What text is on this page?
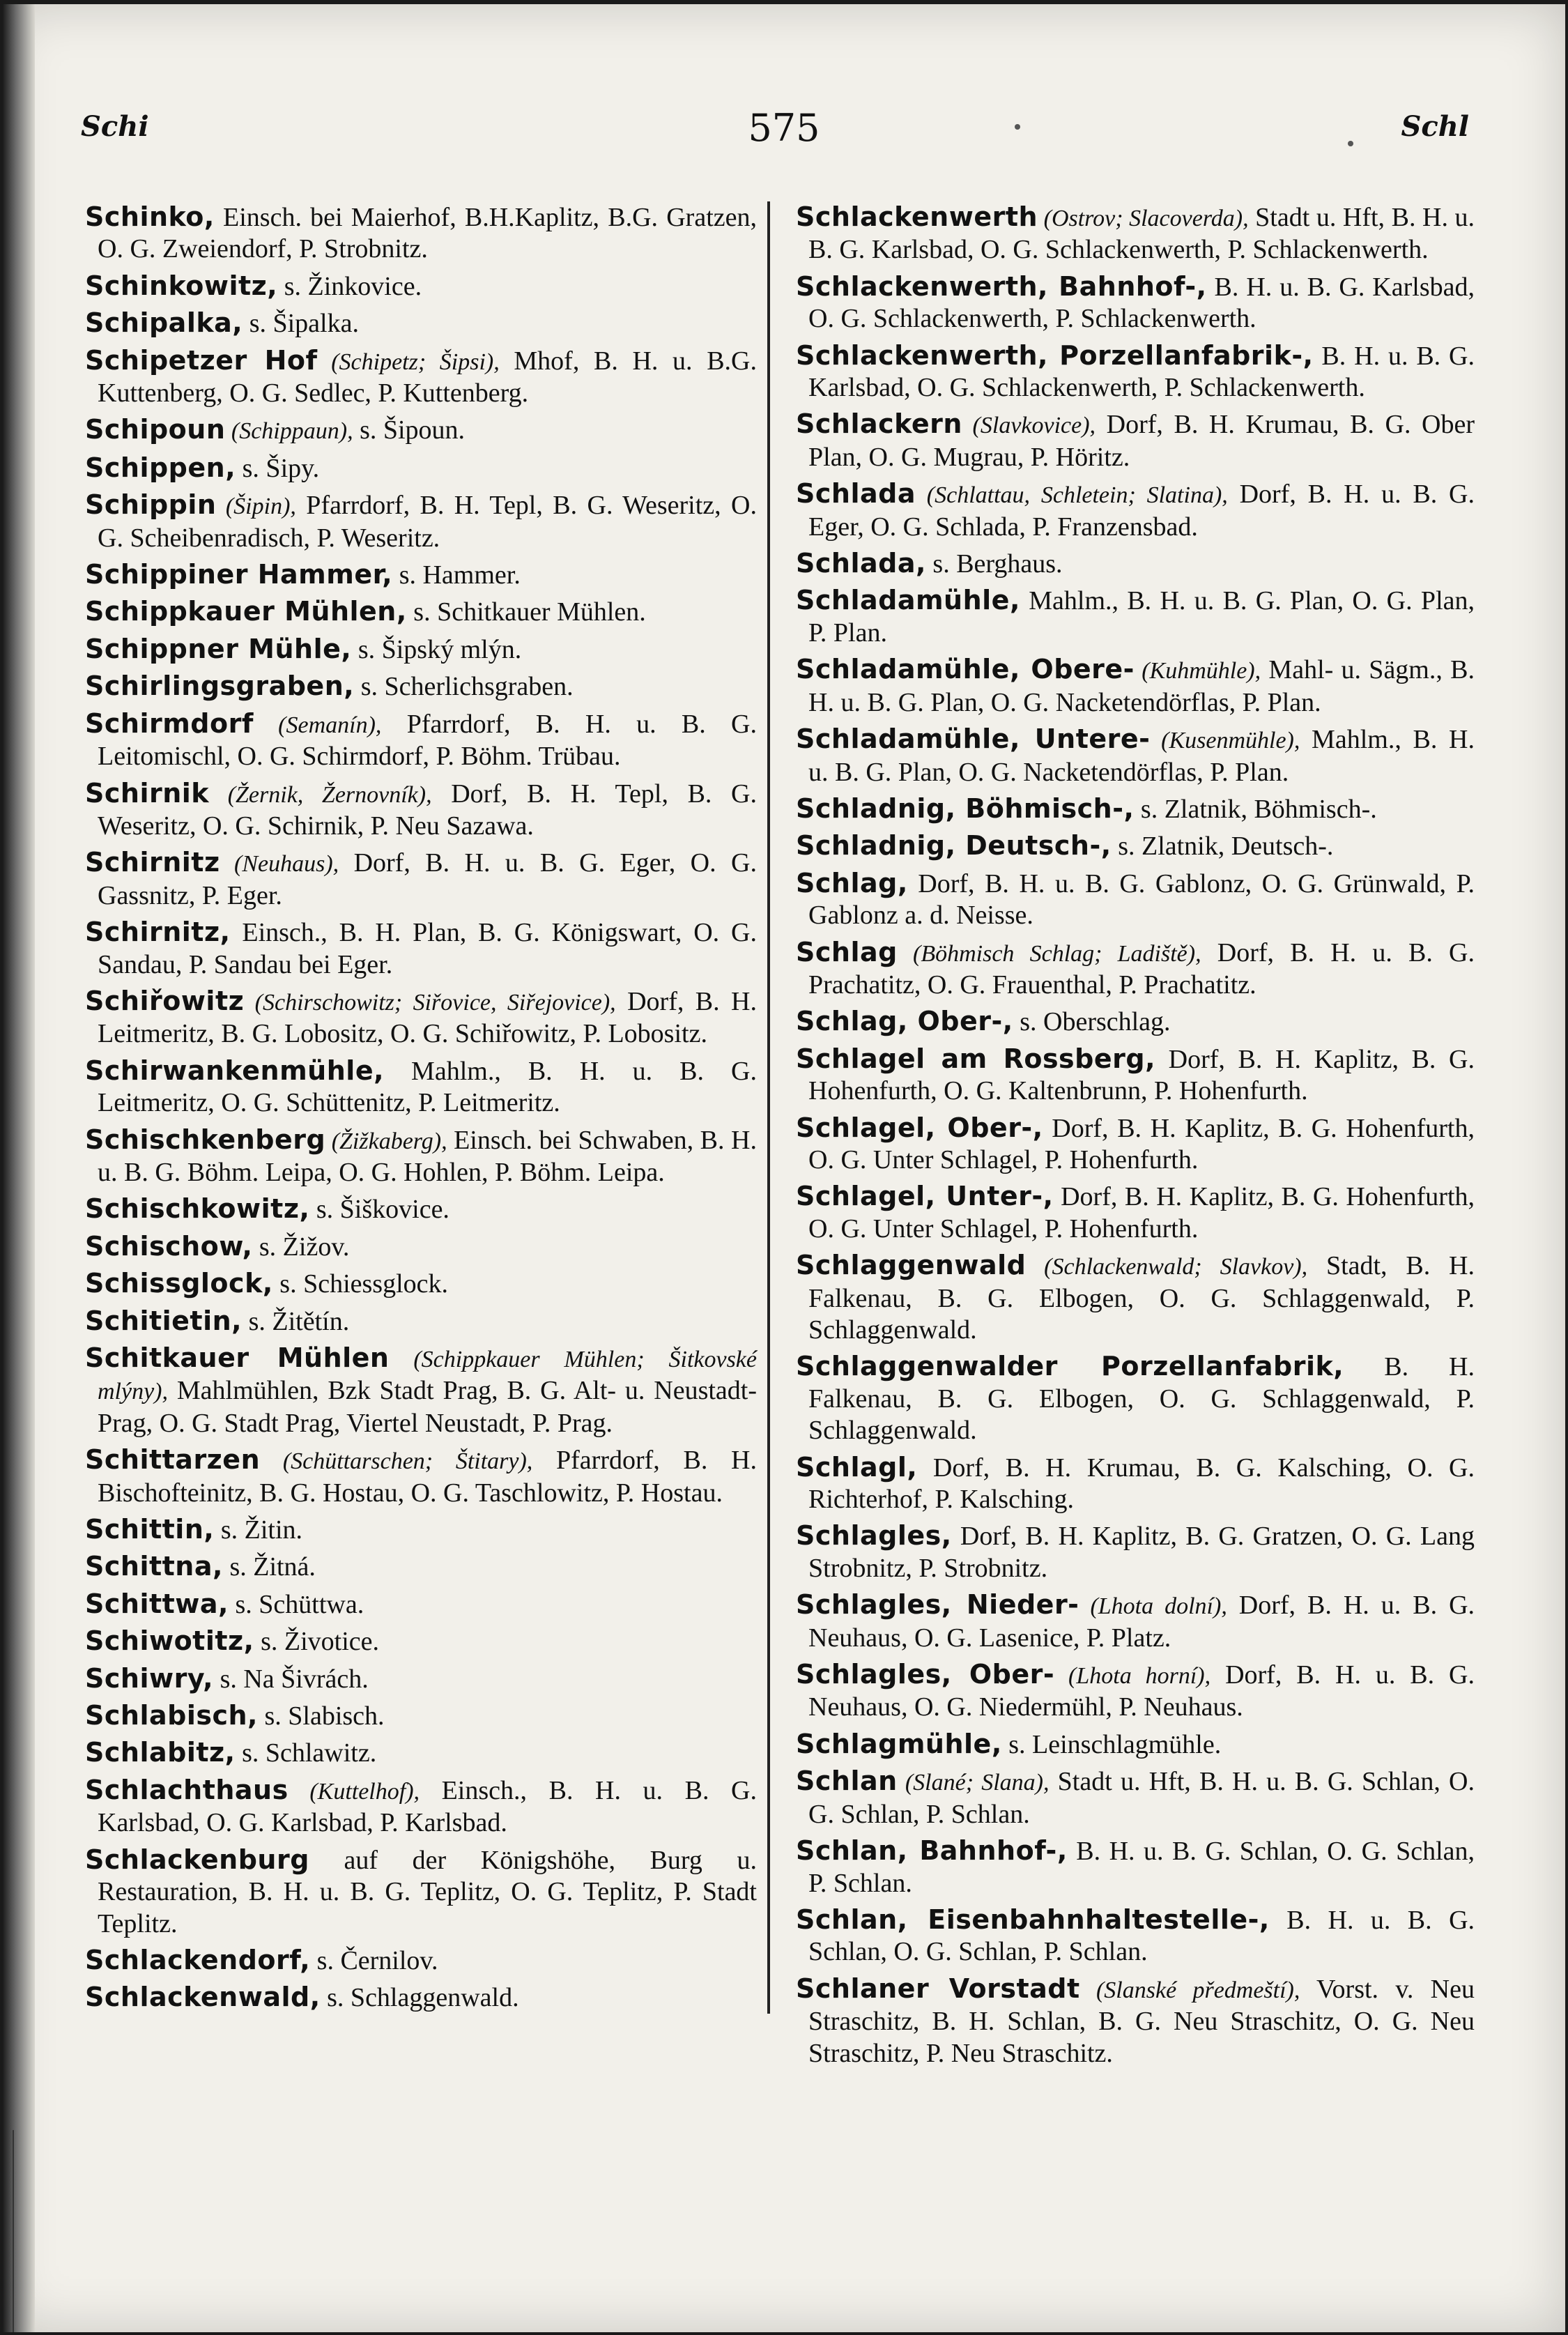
Schi	575	Schl
Schinko, Einsch. bei Maierhof, B.H.Kaplitz, B.G. Gratzen, O. G. Zweiendorf, P. Strobnitz.
Schinkowitz, s. Žinkovice.
Schipalka, s. Šipalka.
Schipetzer Hof (Schipetz; Šipsi), Mhof, B. H. u. B.G. Kuttenberg, O. G. Sedlec, P. Kuttenberg.
Schipoun (Schippaun), s. Šipoun.
Schippen, s. Šipy.
Schippin (Šipin), Pfarrdorf, B. H. Tepl, B. G. Weseritz, O. G. Scheibenradisch, P. Weseritz.
Schippiner Hammer, s. Hammer.
Schippkauer Mühlen, s. Schitkauer Mühlen.
Schippner Mühle, s. Šipský mlýn.
Schirlingsgraben, s. Scherlichsgraben.
Schirmdorf (Semanín), Pfarrdorf, B. H. u. B. G. Leitomischl, O. G. Schirmdorf, P. Böhm. Trübau.
Schirnik (Žernik, Žernovník), Dorf, B. H. Tepl, B. G. Weseritz, O. G. Schirnik, P. Neu Sazawa.
Schirnitz (Neuhaus), Dorf, B. H. u. B. G. Eger, O. G. Gassnitz, P. Eger.
Schirnitz, Einsch., B. H. Plan, B. G. Königswart, O. G. Sandau, P. Sandau bei Eger.
Schiřowitz (Schirschowitz; Siřovice, Siřejovice), Dorf, B. H. Leitmeritz, B. G. Lobositz, O. G. Schiřowitz, P. Lobositz.
Schirwankenmühle, Mahlm., B. H. u. B. G. Leitmeritz, O. G. Schüttenitz, P. Leitmeritz.
Schischkenberg (Žižkaberg), Einsch. bei Schwaben, B. H. u. B. G. Böhm. Leipa, O. G. Hohlen, P. Böhm. Leipa.
Schischkowitz, s. Šiškovice.
Schischow, s. Žižov.
Schissglock, s. Schiessglock.
Schitietin, s. Žitětín.
Schitkauer Mühlen (Schippkauer Mühlen; Šitkovské mlýny), Mahlmühlen, Bzk Stadt Prag, B. G. Alt- u. Neustadt-Prag, O. G. Stadt Prag, Viertel Neustadt, P. Prag.
Schittarzen (Schüttarschen; Štitary), Pfarrdorf, B. H. Bischofteinitz, B. G. Hostau, O. G. Taschlowitz, P. Hostau.
Schittin, s. Žitin.
Schittna, s. Žitná.
Schittwa, s. Schüttwa.
Schiwotitz, s. Životice.
Schiwry, s. Na Šivrách.
Schlabisch, s. Slabisch.
Schlabitz, s. Schlawitz.
Schlachthaus (Kuttelhof), Einsch., B. H. u. B. G. Karlsbad, O. G. Karlsbad, P. Karlsbad.
Schlackenburg auf der Königshöhe, Burg u. Restauration, B. H. u. B. G. Teplitz, O. G. Teplitz, P. Stadt Teplitz.
Schlackendorf, s. Černilov.
Schlackenwald, s. Schlaggenwald.
Schlackenwerth (Ostrov; Slacoverda), Stadt u. Hft, B. H. u. B. G. Karlsbad, O. G. Schlackenwerth, P. Schlackenwerth.
Schlackenwerth, Bahnhof-, B. H. u. B. G. Karlsbad, O. G. Schlackenwerth, P. Schlackenwerth.
Schlackenwerth, Porzellanfabrik-, B. H. u. B. G. Karlsbad, O. G. Schlackenwerth, P. Schlackenwerth.
Schlackern (Slavkovice), Dorf, B. H. Krumau, B. G. Ober Plan, O. G. Mugrau, P. Höritz.
Schlada (Schlattau, Schletein; Slatina), Dorf, B. H. u. B. G. Eger, O. G. Schlada, P. Franzensbad.
Schlada, s. Berghaus.
Schladamühle, Mahlm., B. H. u. B. G. Plan, O. G. Plan, P. Plan.
Schladamühle, Obere- (Kuhmühle), Mahl- u. Sägm., B. H. u. B. G. Plan, O. G. Nacketendörflas, P. Plan.
Schladamühle, Untere- (Kusenmühle), Mahlm., B. H. u. B. G. Plan, O. G. Nacketendörflas, P. Plan.
Schladnig, Böhmisch-, s. Zlatnik, Böhmisch-.
Schladnig, Deutsch-, s. Zlatnik, Deutsch-.
Schlag, Dorf, B. H. u. B. G. Gablonz, O. G. Grünwald, P. Gablonz a. d. Neisse.
Schlag (Böhmisch Schlag; Ladiště), Dorf, B. H. u. B. G. Prachatitz, O. G. Frauenthal, P. Prachatitz.
Schlag, Ober-, s. Oberschlag.
Schlagel am Rossberg, Dorf, B. H. Kaplitz, B. G. Hohenfurth, O. G. Kaltenbrunn, P. Hohenfurth.
Schlagel, Ober-, Dorf, B. H. Kaplitz, B. G. Hohenfurth, O. G. Unter Schlagel, P. Hohenfurth.
Schlagel, Unter-, Dorf, B. H. Kaplitz, B. G. Hohenfurth, O. G. Unter Schlagel, P. Hohenfurth.
Schlaggenwald (Schlackenwald; Slavkov), Stadt, B. H. Falkenau, B. G. Elbogen, O. G. Schlaggenwald, P. Schlaggenwald.
Schlaggenwalder Porzellanfabrik, B. H. Falkenau, B. G. Elbogen, O. G. Schlaggenwald, P. Schlaggenwald.
Schlagl, Dorf, B. H. Krumau, B. G. Kalsching, O. G. Richterhof, P. Kalsching.
Schlagles, Dorf, B. H. Kaplitz, B. G. Gratzen, O. G. Lang Strobnitz, P. Strobnitz.
Schlagles, Nieder- (Lhota dolní), Dorf, B. H. u. B. G. Neuhaus, O. G. Lasenice, P. Platz.
Schlagles, Ober- (Lhota horní), Dorf, B. H. u. B. G. Neuhaus, O. G. Niedermühl, P. Neuhaus.
Schlagmühle, s. Leinschlagmühle.
Schlan (Slané; Slana), Stadt u. Hft, B. H. u. B. G. Schlan, O. G. Schlan, P. Schlan.
Schlan, Bahnhof-, B. H. u. B. G. Schlan, O. G. Schlan, P. Schlan.
Schlan, Eisenbahnhaltestelle-, B. H. u. B. G. Schlan, O. G. Schlan, P. Schlan.
Schlaner Vorstadt (Slanské předmeští), Vorst. v. Neu Straschitz, B. H. Schlan, B. G. Neu Straschitz, O. G. Neu Straschitz, P. Neu Straschitz.
